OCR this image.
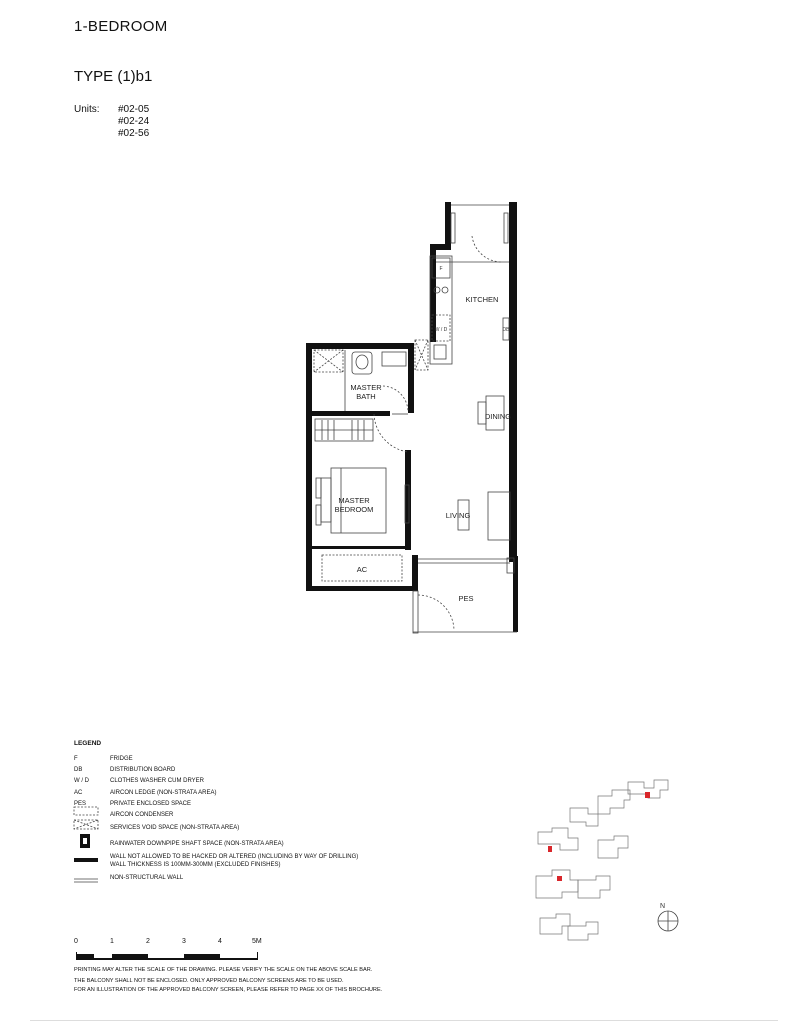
1-BEDROOM
TYPE (1)b1
Units: #02-05
#02-24
#02-56
KITCHEN
MASTER
BATH
DINING
MASTER
BEDROOM
LIVING
AC
PES
F
W / D	DB
N
LEGEND
F	FRIDGE
DB	DISTRIBUTION BOARD
W / D	CLOTHES WASHER CUM DRYER
AC	AIRCON LEDGE (NON-STRATA AREA)
PES	PRIVATE ENCLOSED SPACE
AIRCON CONDENSER
SERVICES VOID SPACE (NON-STRATA AREA)
RAINWATER DOWNPIPE SHAFT SPACE (NON-STRATA AREA)
WALL NOT ALLOWED TO BE HACKED OR ALTERED (INCLUDING BY WAY OF DRILLING)
WALL THICKNESS IS 100MM-300MM (EXCLUDED FINISHES)
NON-STRUCTURAL WALL
0	1	2	3	4	5M

PRINTING MAY ALTER THE SCALE OF THE DRAWING. PLEASE VERIFY THE SCALE ON THE ABOVE SCALE BAR.

THE BALCONY SHALL NOT BE ENCLOSED. ONLY APPROVED BALCONY SCREENS ARE TO BE USED.

FOR AN ILLUSTRATION OF THE APPROVED BALCONY SCREEN, PLEASE REFER TO PAGE XX OF THIS BROCHURE.
